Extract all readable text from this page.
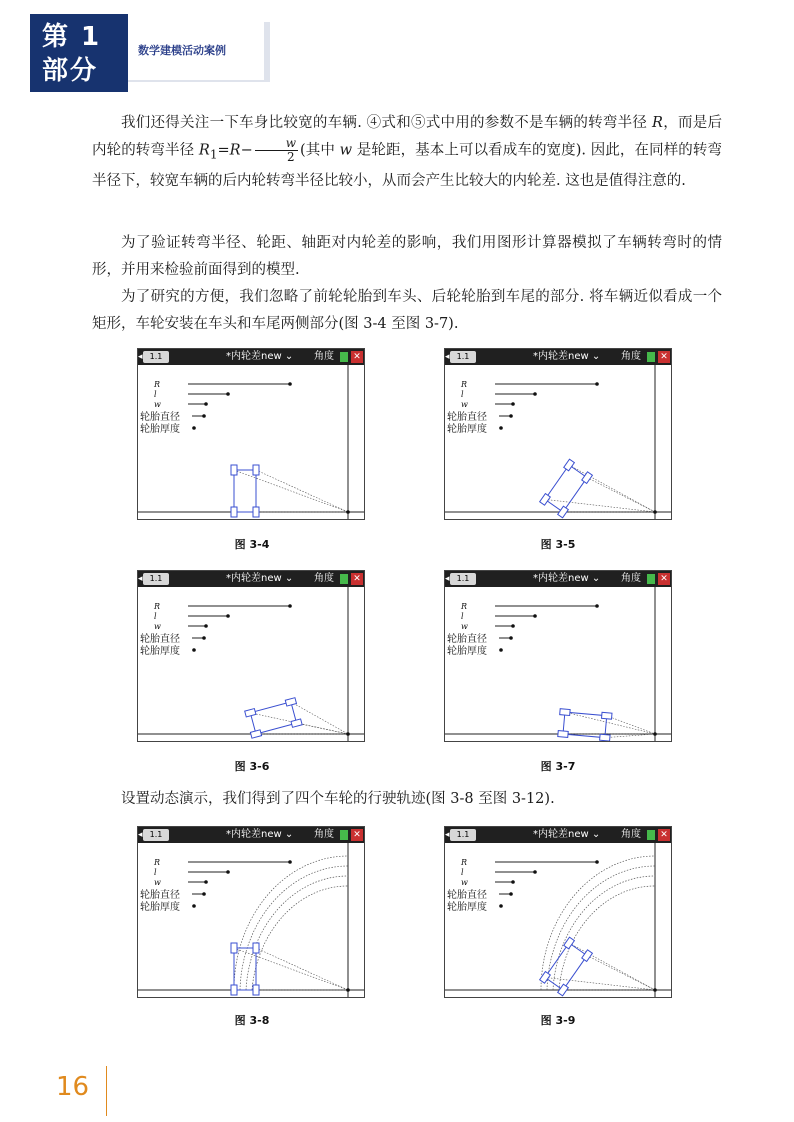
第 1
部分
数学建模活动案例
我们还得关注一下车身比较宽的车辆. ④式和⑤式中用的参数不是车辆的转弯半径 R，而是后内轮的转弯半径 $R_1=R- \frac{w}{2}$ (其中 w 是轮距，基本上可以看成车的宽度). 因此，在同样的转弯半径下，较宽车辆的后内轮转弯半径比较小，从而会产生比较大的内轮差. 这也是值得注意的.
为了验证转弯半径、轮距、轴距对内轮差的影响，我们用图形计算器模拟了车辆转弯时的情形，并用来检验前面得到的模型.
为了研究的方便，我们忽略了前轮轮胎到车头、后轮轮胎到车尾的部分. 将车辆近似看成一个矩形，车轮安装在车头和车尾两侧部分(图 3-4 至图 3-7).
设置动态演示，我们得到了四个车轮的行驶轨迹(图 3-8 至图 3-12).
◂ 1.1	*内轮差new ⌄ 角度 ✕
R
l
w
轮胎直径
轮胎厚度
图 3-4
◂ 1.1	*内轮差new ⌄ 角度 ✕
R
l
w
轮胎直径
轮胎厚度
图 3-5
◂ 1.1	*内轮差new ⌄ 角度 ✕
R
l
w
轮胎直径
轮胎厚度
图 3-6
◂ 1.1	*内轮差new ⌄ 角度 ✕
R
l
w
轮胎直径
轮胎厚度
图 3-7
◂ 1.1	*内轮差new ⌄ 角度 ✕
R
l
w
轮胎直径
轮胎厚度
图 3-8
◂ 1.1	*内轮差new ⌄ 角度 ✕
R
l
w
轮胎直径
轮胎厚度
图 3-9
16
